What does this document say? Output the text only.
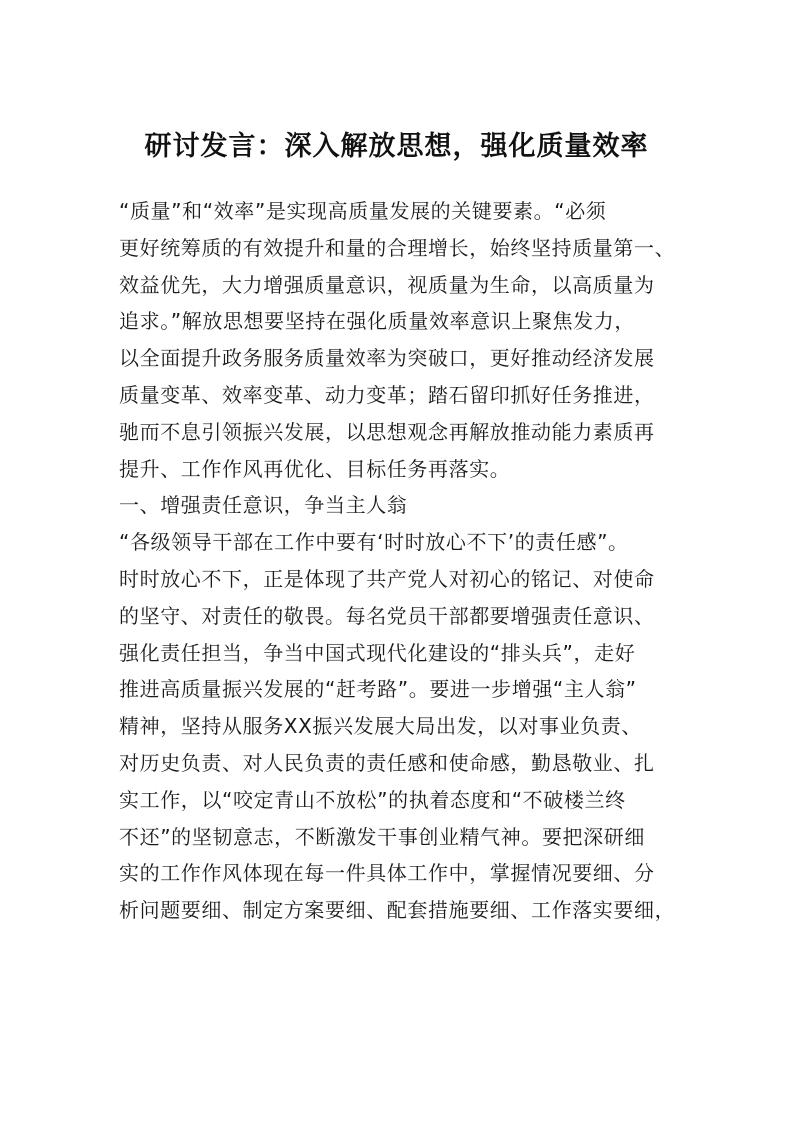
研讨发言：深入解放思想，强化质量效率
“质量”和“效率”是实现高质量发展的关键要素。“必须
更好统筹质的有效提升和量的合理增长，始终坚持质量第一、
效益优先，大力增强质量意识，视质量为生命，以高质量为
追求。”解放思想要坚持在强化质量效率意识上聚焦发力，
以全面提升政务服务质量效率为突破口，更好推动经济发展
质量变革、效率变革、动力变革；踏石留印抓好任务推进，
驰而不息引领振兴发展，以思想观念再解放推动能力素质再
提升、工作作风再优化、目标任务再落实。
一、增强责任意识，争当主人翁
“各级领导干部在工作中要有‘时时放心不下’的责任感”。
时时放心不下，正是体现了共产党人对初心的铭记、对使命
的坚守、对责任的敬畏。每名党员干部都要增强责任意识、
强化责任担当，争当中国式现代化建设的“排头兵”，走好
推进高质量振兴发展的“赶考路”。要进一步增强“主人翁”
精神，坚持从服务XX振兴发展大局出发，以对事业负责、
对历史负责、对人民负责的责任感和使命感，勤恳敬业、扎
实工作，以“咬定青山不放松”的执着态度和“不破楼兰终
不还”的坚韧意志，不断激发干事创业精气神。要把深研细
实的工作作风体现在每一件具体工作中，掌握情况要细、分
析问题要细、制定方案要细、配套措施要细、工作落实要细，
